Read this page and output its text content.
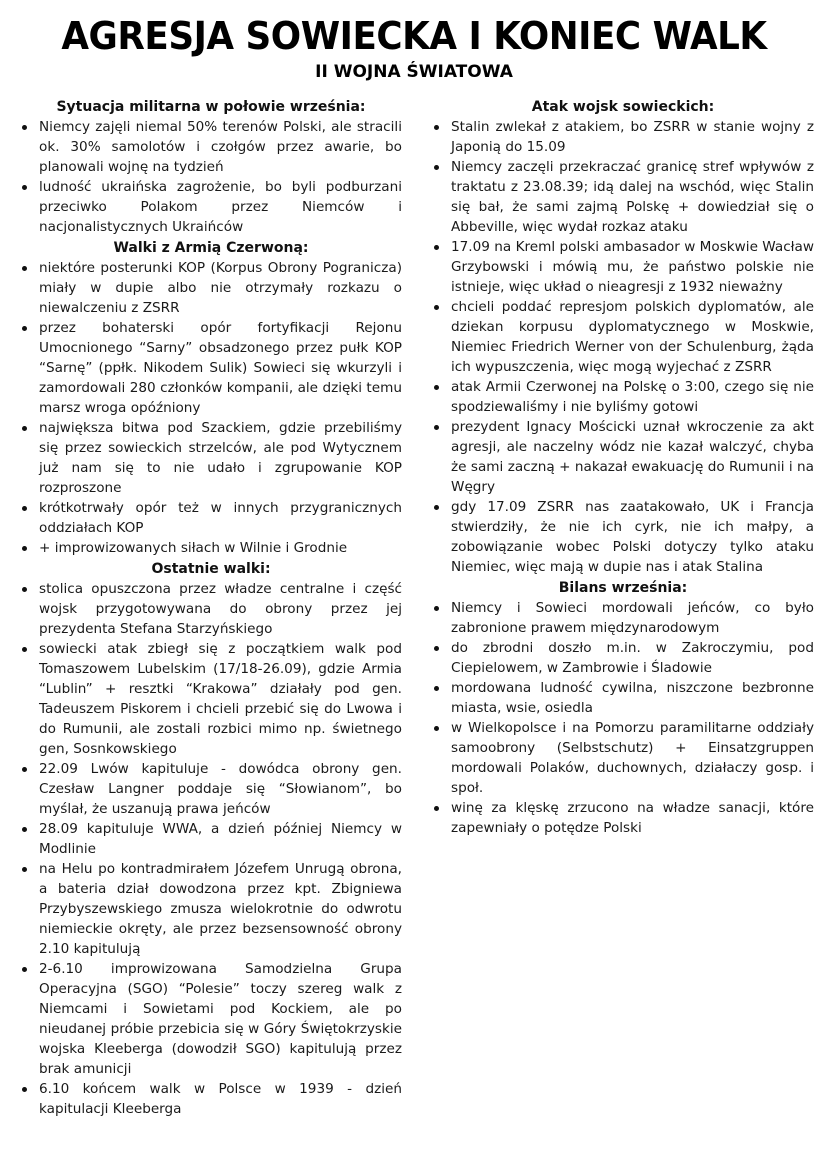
AGRESJA SOWIECKA I KONIEC WALK
II WOJNA ŚWIATOWA
Sytuacja militarna w połowie września:
Niemcy zajęli niemal 50% terenów Polski, ale stracili ok. 30% samolotów i czołgów przez awarie, bo planowali wojnę na tydzień
ludność ukraińska zagrożenie, bo byli podburzani przeciwko Polakom przez Niemców i nacjonalistycznych Ukraińców
Walki z Armią Czerwoną:
niektóre posterunki KOP (Korpus Obrony Pogranicza) miały w dupie albo nie otrzymały rozkazu o niewalczeniu z ZSRR
przez bohaterski opór fortyfikacji Rejonu Umocnionego “Sarny” obsadzonego przez pułk KOP “Sarnę” (ppłk. Nikodem Sulik) Sowieci się wkurzyli i zamordowali 280 członków kompanii, ale dzięki temu marsz wroga opóźniony
największa bitwa pod Szackiem, gdzie przebiliśmy się przez sowieckich strzelców, ale pod Wytycznem już nam się to nie udało i zgrupowanie KOP rozproszone
krótkotrwały opór też w innych przygranicznych oddziałach KOP
+ improwizowanych siłach w Wilnie i Grodnie
Ostatnie walki:
stolica opuszczona przez władze centralne i część wojsk przygotowywana do obrony przez jej prezydenta Stefana Starzyńskiego
sowiecki atak zbiegł się z początkiem walk pod Tomaszowem Lubelskim (17/18-26.09), gdzie Armia “Lublin” + resztki “Krakowa” działały pod gen. Tadeuszem Piskorem i chcieli przebić się do Lwowa i do Rumunii, ale zostali rozbici mimo np. świetnego gen, Sosnkowskiego
22.09 Lwów kapituluje - dowódca obrony gen. Czesław Langner poddaje się “Słowianom”, bo myślał, że uszanują prawa jeńców
28.09 kapituluje WWA, a dzień później Niemcy w Modlinie
na Helu po kontradmirałem Józefem Unrugą obrona, a bateria dział dowodzona przez kpt. Zbigniewa Przybyszewskiego zmusza wielokrotnie do odwrotu niemieckie okręty, ale przez bezsensowność obrony 2.10 kapitulują
2-6.10 improwizowana Samodzielna Grupa Operacyjna (SGO) “Polesie” toczy szereg walk z Niemcami i Sowietami pod Kockiem, ale po nieudanej próbie przebicia się w Góry Świętokrzyskie wojska Kleeberga (dowodził SGO) kapitulują przez brak amunicji
6.10 końcem walk w Polsce w 1939 - dzień kapitulacji Kleeberga
Atak wojsk sowieckich:
Stalin zwlekał z atakiem, bo ZSRR w stanie wojny z Japonią do 15.09
Niemcy zaczęli przekraczać granicę stref wpływów z traktatu z 23.08.39; idą dalej na wschód, więc Stalin się bał, że sami zajmą Polskę + dowiedział się o Abbeville, więc wydał rozkaz ataku
17.09 na Kreml polski ambasador w Moskwie Wacław Grzybowski i mówią mu, że państwo polskie nie istnieje, więc układ o nieagresji z 1932 nieważny
chcieli poddać represjom polskich dyplomatów, ale dziekan korpusu dyplomatycznego w Moskwie, Niemiec Friedrich Werner von der Schulenburg, żąda ich wypuszczenia, więc mogą wyjechać z ZSRR
atak Armii Czerwonej na Polskę o 3:00, czego się nie spodziewaliśmy i nie byliśmy gotowi
prezydent Ignacy Mościcki uznał wkroczenie za akt agresji, ale naczelny wódz nie kazał walczyć, chyba że sami zaczną + nakazał ewakuację do Rumunii i na Węgry
gdy 17.09 ZSRR nas zaatakowało, UK i Francja stwierdziły, że nie ich cyrk, nie ich małpy, a zobowiązanie wobec Polski dotyczy tylko ataku Niemiec, więc mają w dupie nas i atak Stalina
Bilans września:
Niemcy i Sowieci mordowali jeńców, co było zabronione prawem międzynarodowym
do zbrodni doszło m.in. w Zakroczymiu, pod Ciepielowem, w Zambrowie i Śladowie
mordowana ludność cywilna, niszczone bezbronne miasta, wsie, osiedla
w Wielkopolsce i na Pomorzu paramilitarne oddziały samoobrony (Selbstschutz) + Einsatzgruppen mordowali Polaków, duchownych, działaczy gosp. i społ.
winę za klęskę zrzucono na władze sanacji, które zapewniały o potędze Polski
